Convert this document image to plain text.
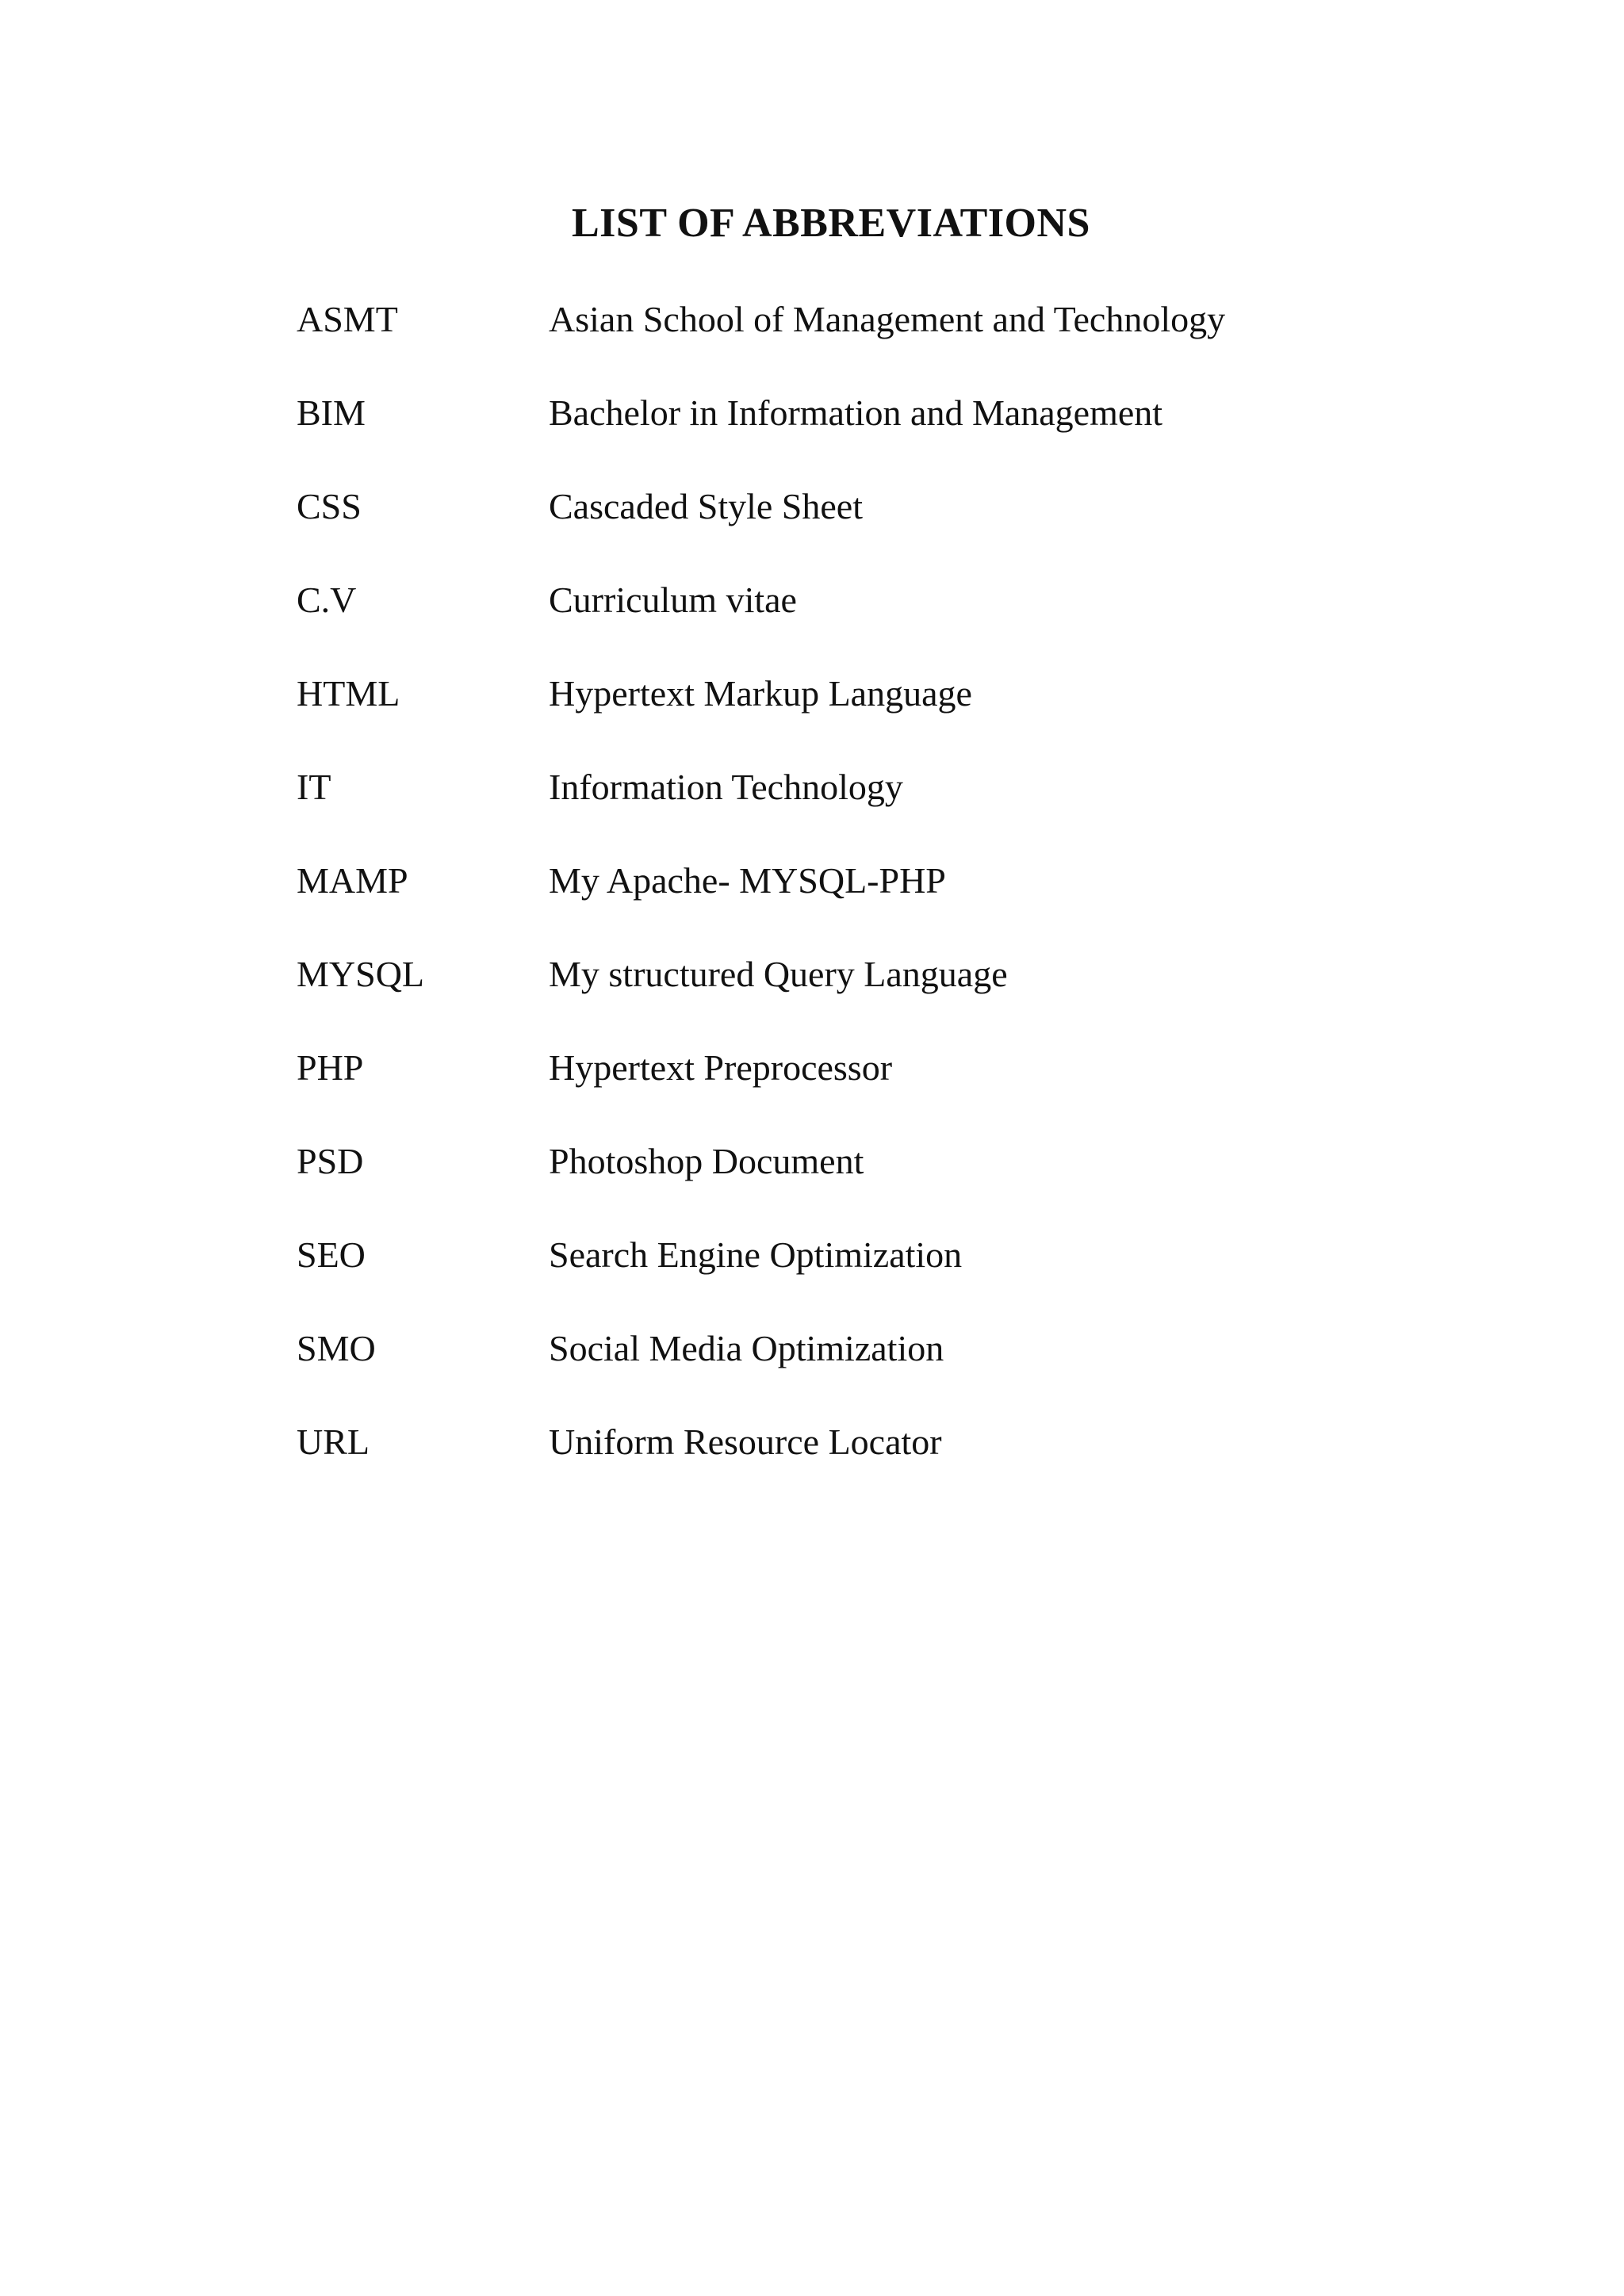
LIST OF ABBREVIATIONS
ASMT	Asian School of Management and Technology
BIM	Bachelor in Information and Management
CSS	Cascaded Style Sheet
C.V	Curriculum vitae
HTML	Hypertext Markup Language
IT	Information Technology
MAMP	My Apache- MYSQL-PHP
MYSQL	My structured Query Language
PHP	Hypertext Preprocessor
PSD	Photoshop Document
SEO	Search Engine Optimization
SMO	Social Media Optimization
URL	Uniform Resource Locator
